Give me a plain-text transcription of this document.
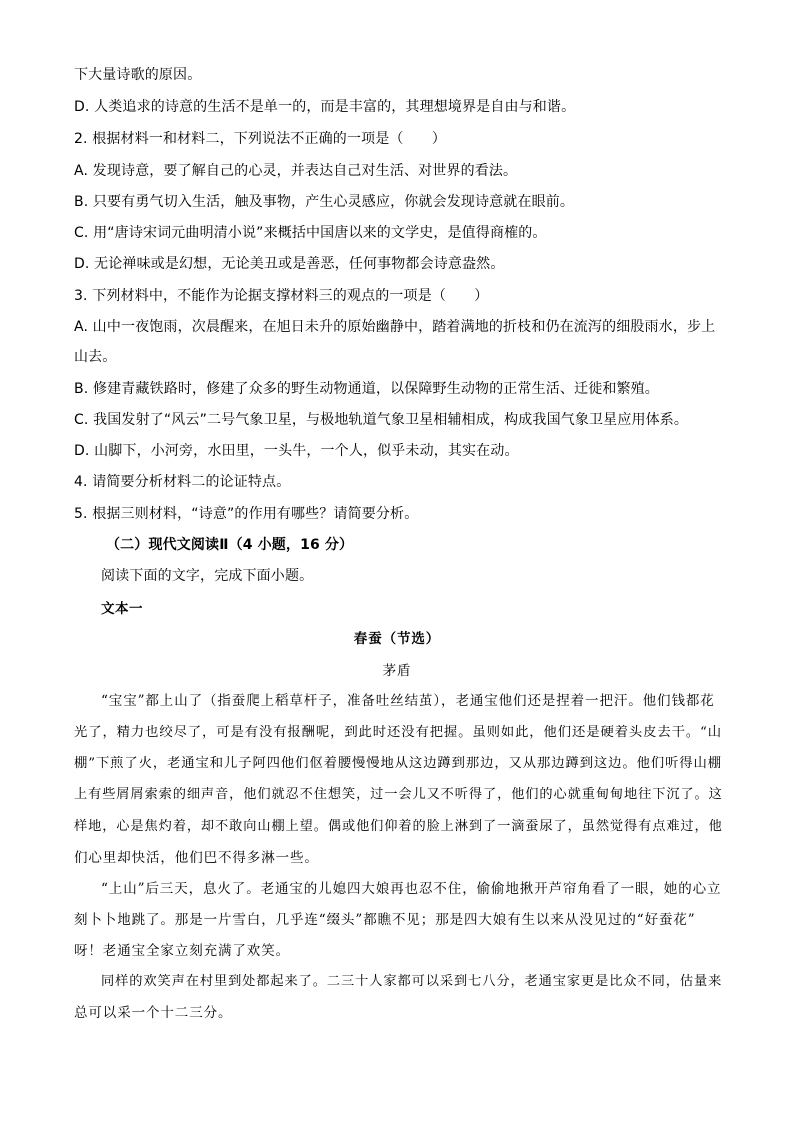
下大量诗歌的原因。
D. 人类追求的诗意的生活不是单一的，而是丰富的，其理想境界是自由与和谐。
2. 根据材料一和材料二，下列说法不正确的一项是（　　）
A. 发现诗意，要了解自己的心灵，并表达自己对生活、对世界的看法。
B. 只要有勇气切入生活，触及事物，产生心灵感应，你就会发现诗意就在眼前。
C. 用“唐诗宋词元曲明清小说”来概括中国唐以来的文学史，是值得商榷的。
D. 无论禅味或是幻想，无论美丑或是善恶，任何事物都会诗意盎然。
3. 下列材料中，不能作为论据支撑材料三的观点的一项是（　　）
A. 山中一夜饱雨，次晨醒来，在旭日未升的原始幽静中，踏着满地的折枝和仍在流泻的细股雨水，步上
山去。
B. 修建青藏铁路时，修建了众多的野生动物通道，以保障野生动物的正常生活、迁徙和繁殖。
C. 我国发射了“风云”二号气象卫星，与极地轨道气象卫星相辅相成，构成我国气象卫星应用体系。
D. 山脚下，小河旁，水田里，一头牛，一个人，似乎未动，其实在动。
4. 请简要分析材料二的论证特点。
5. 根据三则材料，“诗意”的作用有哪些？请简要分析。
（二）现代文阅读Ⅱ（4 小题，16 分）
阅读下面的文字，完成下面小题。
文本一
春蚕（节选）
茅盾
“宝宝”都上山了（指蚕爬上稻草杆子，准备吐丝结茧），老通宝他们还是捏着一把汗。他们钱都花
光了，精力也绞尽了，可是有没有报酬呢，到此时还没有把握。虽则如此，他们还是硬着头皮去干。“山
棚”下煎了火，老通宝和儿子阿四他们伛着腰慢慢地从这边蹲到那边，又从那边蹲到这边。他们听得山棚
上有些屑屑索索的细声音，他们就忍不住想笑，过一会儿又不听得了，他们的心就重甸甸地往下沉了。这
样地，心是焦灼着，却不敢向山棚上望。偶或他们仰着的脸上淋到了一滴蚕尿了，虽然觉得有点难过，他
们心里却快活，他们巴不得多淋一些。
“上山”后三天，息火了。老通宝的儿媳四大娘再也忍不住，偷偷地揪开芦帘角看了一眼，她的心立
刻卜卜地跳了。那是一片雪白，几乎连“缀头”都瞧不见；那是四大娘有生以来从没见过的“好蚕花”
呀！老通宝全家立刻充满了欢笑。
同样的欢笑声在村里到处都起来了。二三十人家都可以采到七八分，老通宝家更是比众不同，估量来
总可以采一个十二三分。
